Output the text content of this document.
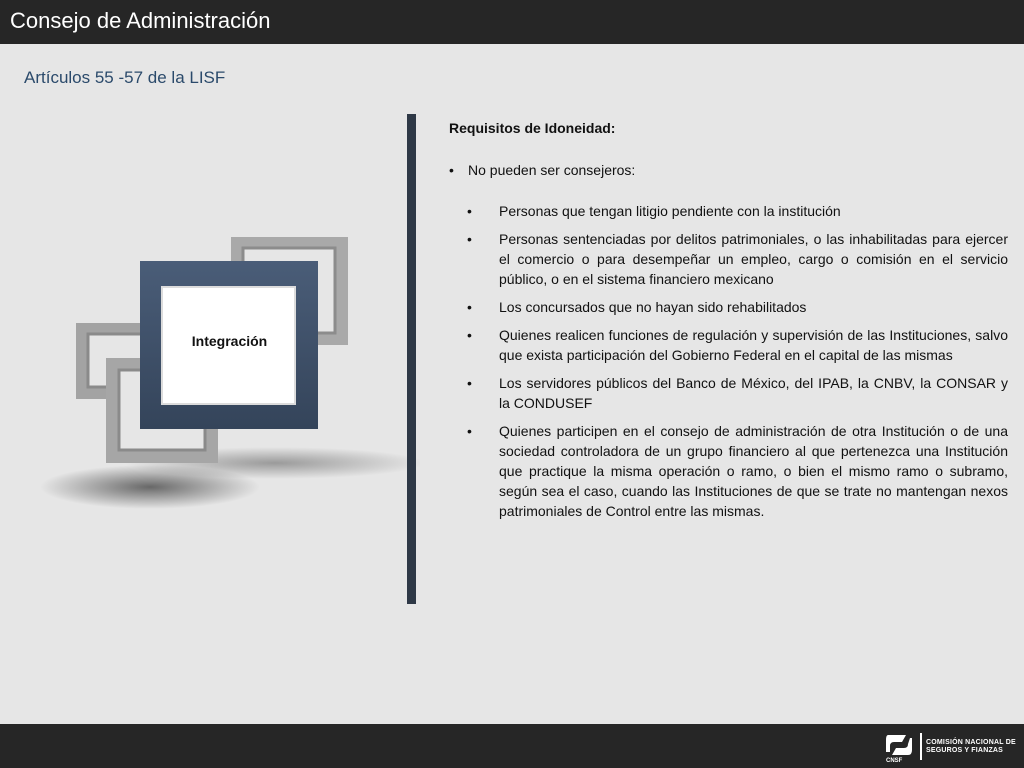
Consejo de Administración
Artículos 55 -57 de la LISF
Integración
Requisitos de Idoneidad:
• No pueden ser consejeros:
• Personas que tengan litigio pendiente con la institución
• Personas sentenciadas por delitos patrimoniales, o las inhabilitadas para ejercer el comercio o para desempeñar un empleo, cargo o comisión en el servicio público, o en el sistema financiero mexicano
• Los concursados que no hayan sido rehabilitados
• Quienes realicen funciones de regulación y supervisión de las Instituciones, salvo que exista participación del Gobierno Federal en el capital de las mismas
• Los servidores públicos del Banco de México, del IPAB, la CNBV, la CONSAR y la CONDUSEF
• Quienes participen en el consejo de administración de otra Institución o de una sociedad controladora de un grupo financiero al que pertenezca una Institución que practique la misma operación o ramo, o bien el mismo ramo o subramo, según sea el caso, cuando las Instituciones de que se trate no mantengan nexos patrimoniales de Control entre las mismas.
COMISIÓN NACIONAL DE
SEGUROS Y FIANZAS
CNSF
